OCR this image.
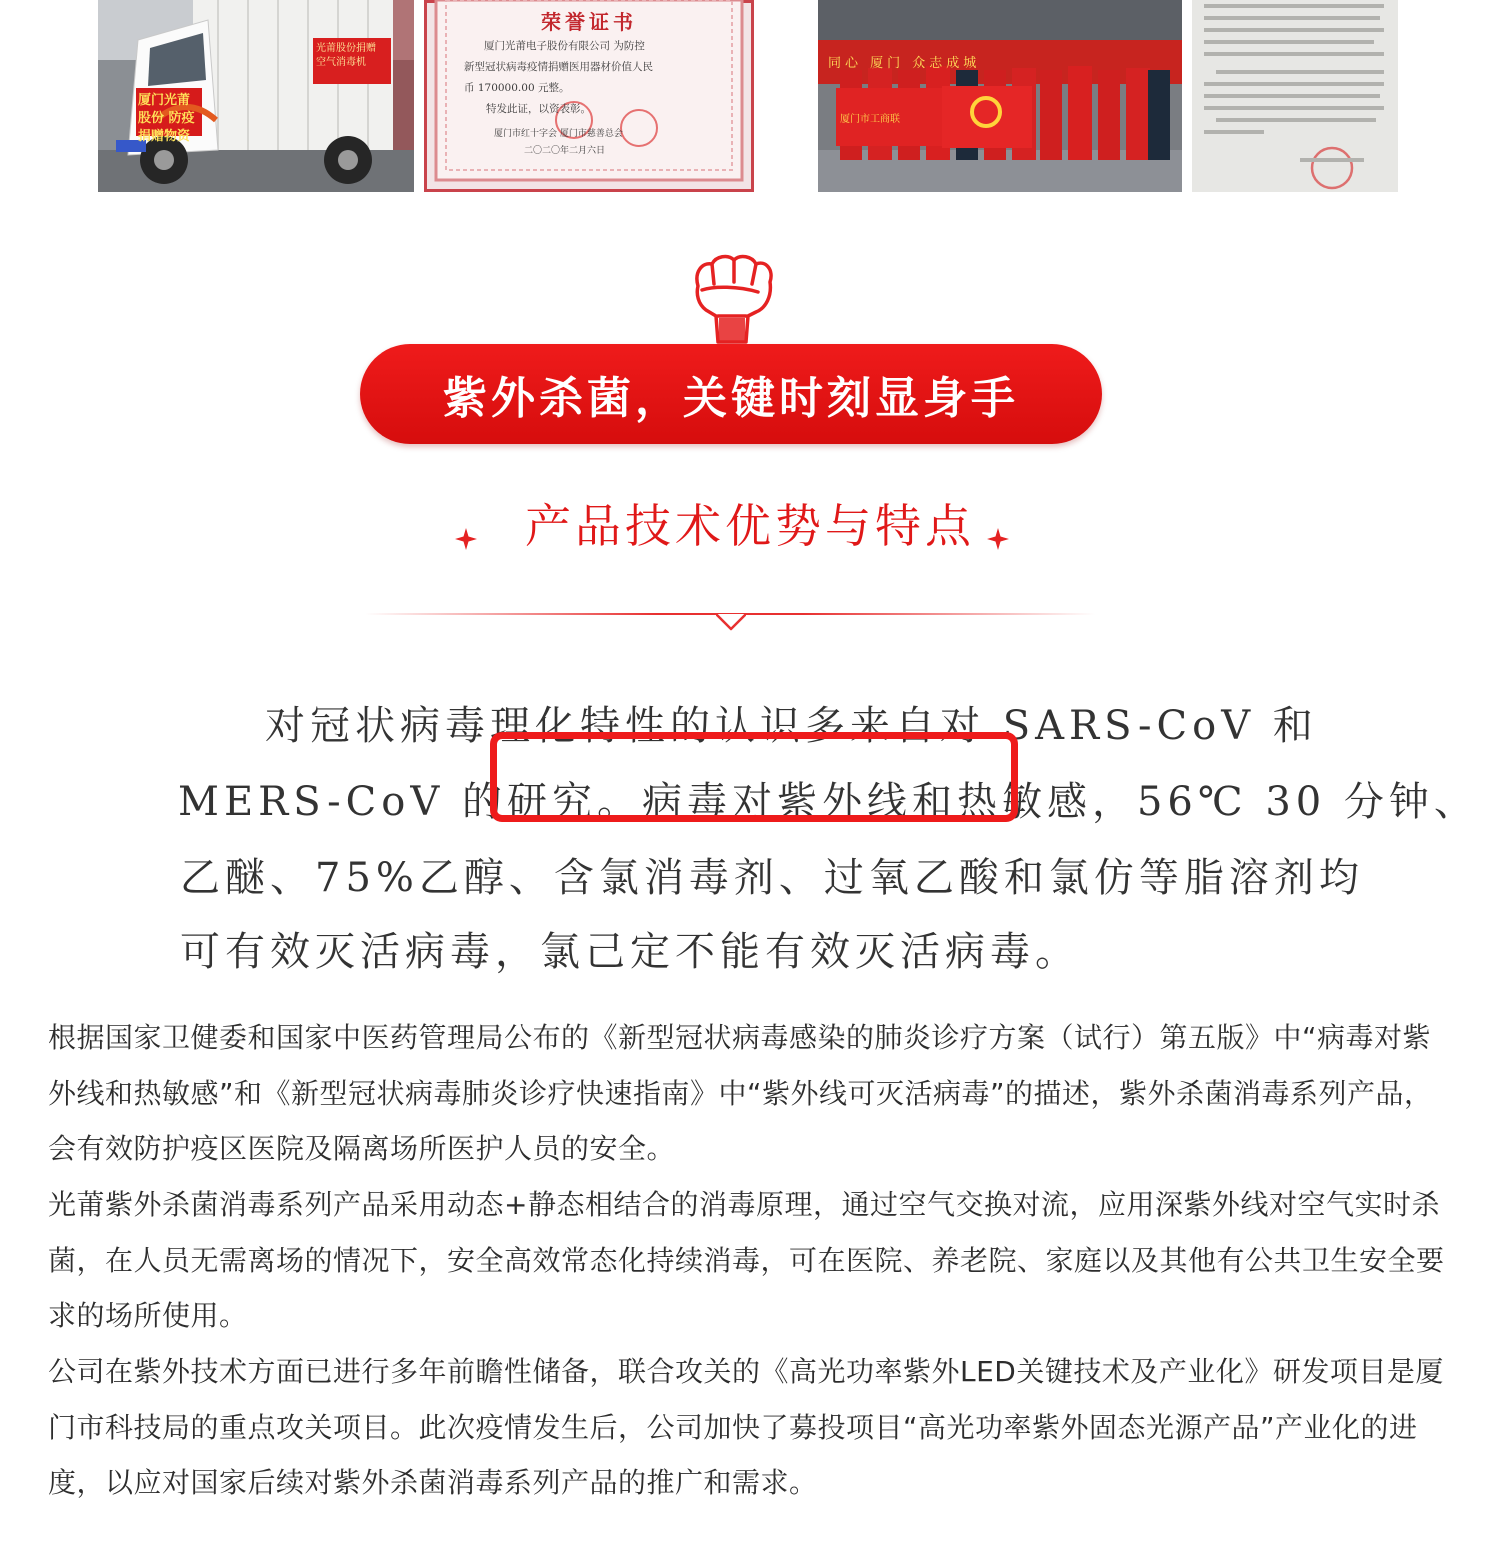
厦门光莆股份 防疫捐赠物资
光莆股份捐赠 空气消毒机
荣誉证书
厦门光莆电子股份有限公司 为防控
新型冠状病毒疫情捐赠医用器材价值人民
币 170000.00 元整。
特发此证，以资表彰。
厦门市红十字会 厦门市慈善总会
二〇二〇年二月六日
同心 厦门 众志成城
厦门市工商联
紫外杀菌，关键时刻显身手
产品技术优势与特点
对冠状病毒理化特性的认识多来自对 SARS-CoV 和
MERS-CoV 的研究。病毒对紫外线和热敏感，56℃ 30 分钟、
乙醚、75%乙醇、含氯消毒剂、过氧乙酸和氯仿等脂溶剂均
可有效灭活病毒，氯己定不能有效灭活病毒。

根据国家卫健委和国家中医药管理局公布的《新型冠状病毒感染的肺炎诊疗方案（试行）第五版》中“病毒对紫外线和热敏感”和《新型冠状病毒肺炎诊疗快速指南》中“紫外线可灭活病毒”的描述，紫外杀菌消毒系列产品，会有效防护疫区医院及隔离场所医护人员的安全。

光莆紫外杀菌消毒系列产品采用动态+静态相结合的消毒原理，通过空气交换对流，应用深紫外线对空气实时杀菌，在人员无需离场的情况下，安全高效常态化持续消毒，可在医院、养老院、家庭以及其他有公共卫生安全要求的场所使用。

公司在紫外技术方面已进行多年前瞻性储备，联合攻关的《高光功率紫外LED关键技术及产业化》研发项目是厦门市科技局的重点攻关项目。此次疫情发生后，公司加快了募投项目“高光功率紫外固态光源产品”产业化的进度，以应对国家后续对紫外杀菌消毒系列产品的推广和需求。
